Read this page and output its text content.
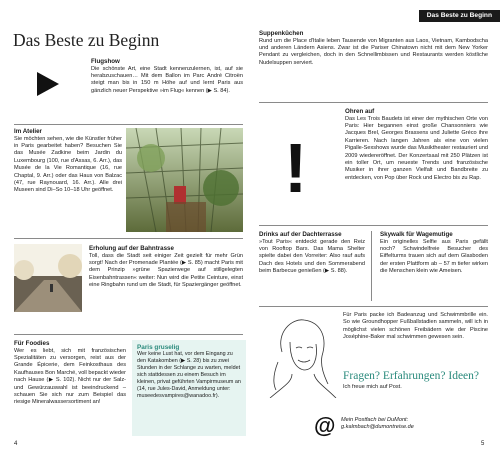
Das Beste zu Beginn
Flugshow
Die schönste Art, eine Stadt kennenzulernen, ist, auf sie herabzuschauen… Mit dem Ballon im Parc André Citroën steigt man bis in 150 m Höhe auf und lernt Paris aus gänzlich neuer Perspektive »im Flug« kennen (▶ S. 84).
Im Atelier
Sie möchten sehen, wie die Künstler früher in Paris gearbeitet haben? Besuchen Sie das Musée Zadkine beim Jardin du Luxembourg (100, rue d'Assas, 6. Arr.), das Musée de la Vie Romantique (16, rue Chaptal, 9. Arr.) oder das Haus von Balzac (47, rue Raynouard, 16. Arr.). Alle drei Museen sind Di–So 10–18 Uhr geöffnet.
Erholung auf der Bahntrasse
Toll, dass die Stadt seit einiger Zeit gezielt für mehr Grün sorgt! Nach der Promenade Plantée (▶ S. 85) macht Paris mit dem Prinzip »grüne Spazierwege auf stillgelegten Eisenbahntrassen« weiter: Nun wird die Petite Ceinture, einst eine Ringbahn rund um die Stadt, für Spaziergänger geöffnet.
Für Foodies
Wer es liebt, sich mit französischen Spezialitäten zu versorgen, reist aus der Grande Épicerie, dem Feinkosthaus des Kaufhauses Bon Marché, voll bepackt wieder nach Hause (▶ S. 102). Nicht nur der Salz- und Gewürzauswahl ist beeindruckend – schauen Sie sich nur zum Beispiel das riesige Mineralwassersortiment an!
Paris gruselig
Wer keine Lust hat, vor dem Eingang zu den Katakomben (▶ S. 28) bis zu zwei Stunden in der Schlange zu warten, meldet sich stattdessen zu einem Besuch im kleinen, privat geführten Vampirmuseum an (14, rue Jules-David, Anmeldung unter: museedesvampires@wanadoo.fr).
4
Das Beste zu Beginn
Suppenküchen
Rund um die Place d'Italie leben Tausende von Migranten aus Laos, Vietnam, Kambodscha und anderen Ländern Asiens. Zwar ist die Pariser Chinatown nicht mit dem New Yorker Pendant zu vergleichen, doch in den Schnellimbissen und Restaurants werden köstliche Nudelsuppen serviert.
!
Ohren auf
Das Les Trois Baudets ist einer der mythischen Orte von Paris: Hier begannen einst große Chansonniers wie Jacques Brel, Georges Brassens und Juliette Gréco ihre Karrieren. Nach langen Jahren als eine von vielen Pigalle-Sexshows wurde das Musiktheater restauriert und 2009 wiedereröffnet. Der Konzertsaal mit 250 Plätzen ist ein toller Ort, um neueste Trends und französische Musiker in ihrer ganzen Vielfalt und Bandbreite zu entdecken, von Pop über Rock und Electro bis zu Rap.
Drinks auf der Dachterrasse
»Tout Paris« entdeckt gerade den Reiz von Rooftop Bars. Das Mama Shelter spielte dabei den Vorreiter: Also rauf aufs Dach des Hotels und den Sommerabend beim Barbecue genießen (▶ S. 88).
Skywalk für Wagemutige
Ein originelles Selfie aus Paris gefällt noch? Schwindelfreie Besucher des Eiffelturms trauen sich auf dem Glasboden der ersten Plattform ab – 57 m tiefer wirken die Menschen klein wie Ameisen.
Für Paris packe ich Badeanzug und Schwimmbrille ein. So wie Groundhopper Fußballstadien sammeln, will ich in möglichst vielen schönen Freibädern wie der Piscine Joséphine-Baker mal schwimmen gewesen sein.
Fragen? Erfahrungen? Ideen?
Ich freue mich auf Post.
@ Mein Postfach bei DuMont:
g.kalmbach@dumontreise.de
5
